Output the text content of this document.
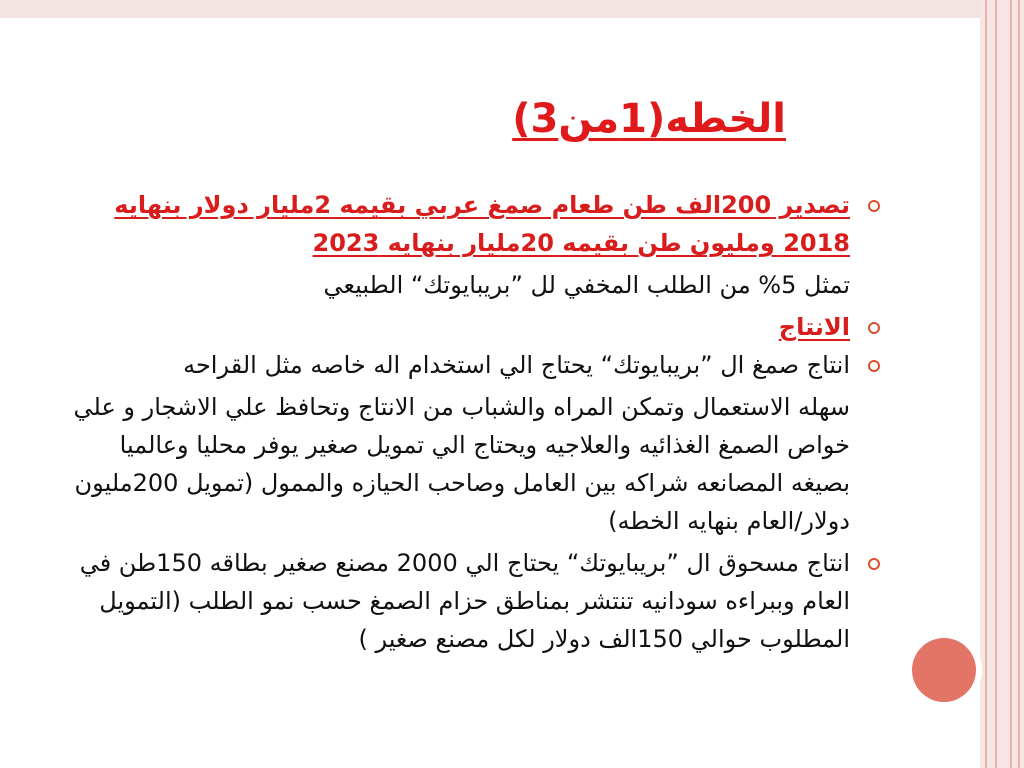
الخطه(1من3)
تصدير 200الف طن طعام صمغ عربي بقيمه 2مليار دولار بنهايه 2018 ومليون طن بقيمه 20مليار بنهايه 2023
تمثل 5% من الطلب المخفي لل ”بريبايوتك“ الطبيعي
الانتاج
انتاج صمغ ال ”بريبايوتك“ يحتاج الي استخدام اله خاصه مثل القراحه
سهله الاستعمال وتمكن المراه والشباب من الانتاج وتحافظ علي الاشجار و علي خواص الصمغ الغذائيه والعلاجيه ويحتاج الي تمويل صغير يوفر محليا وعالميا بصيغه المصانعه شراكه بين العامل وصاحب الحيازه والممول (تمويل 200مليون دولار/العام بنهايه الخطه)
انتاج مسحوق ال ”بريبايوتك“ يحتاج الي 2000 مصنع صغير بطاقه 150طن في العام وببراءه سودانيه تنتشر بمناطق حزام الصمغ حسب نمو الطلب (التمويل المطلوب حوالي 150الف دولار لكل مصنع صغير )
